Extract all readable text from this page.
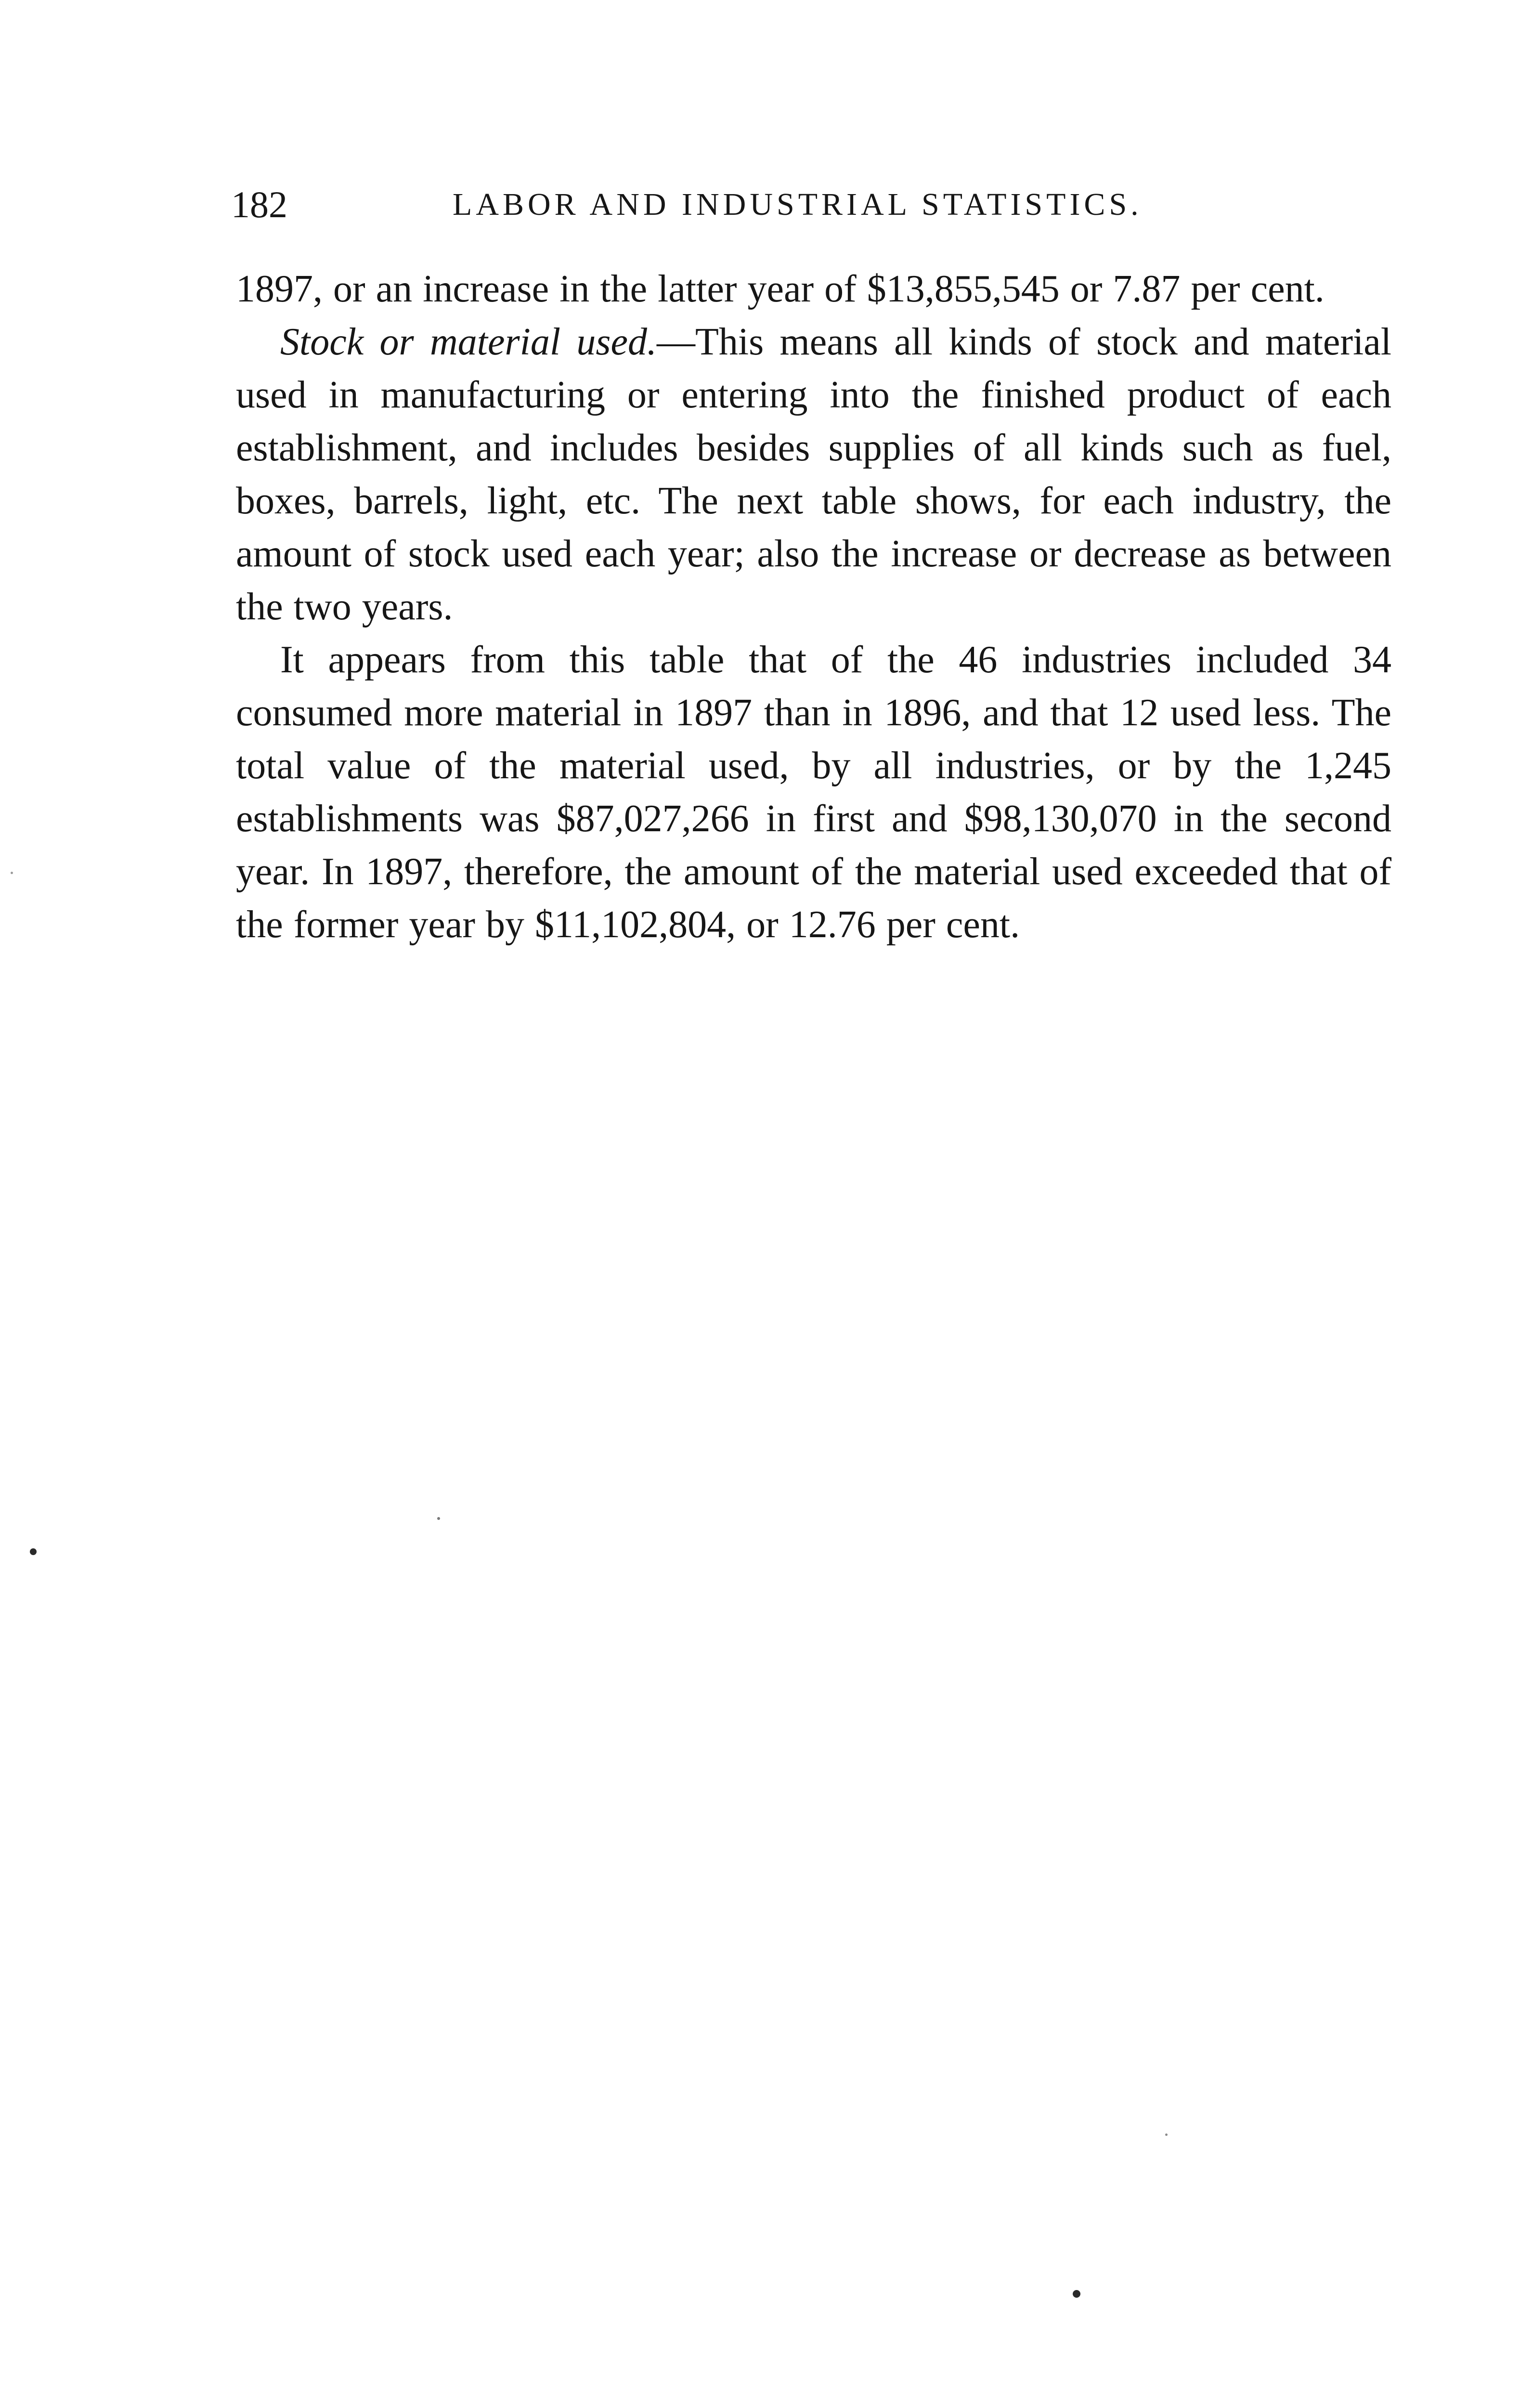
182	LABOR AND INDUSTRIAL STATISTICS.

1897, or an increase in the latter year of $13,855,545 or 7.87 per cent.

Stock or material used.—This means all kinds of stock and material used in manufacturing or entering into the finished product of each establishment, and includes besides supplies of all kinds such as fuel, boxes, barrels, light, etc. The next table shows, for each industry, the amount of stock used each year; also the increase or decrease as between the two years.

It appears from this table that of the 46 industries included 34 consumed more material in 1897 than in 1896, and that 12 used less. The total value of the material used, by all industries, or by the 1,245 establishments was $87,027,266 in first and $98,130,070 in the second year. In 1897, therefore, the amount of the material used exceeded that of the former year by $11,102,804, or 12.76 per cent.
